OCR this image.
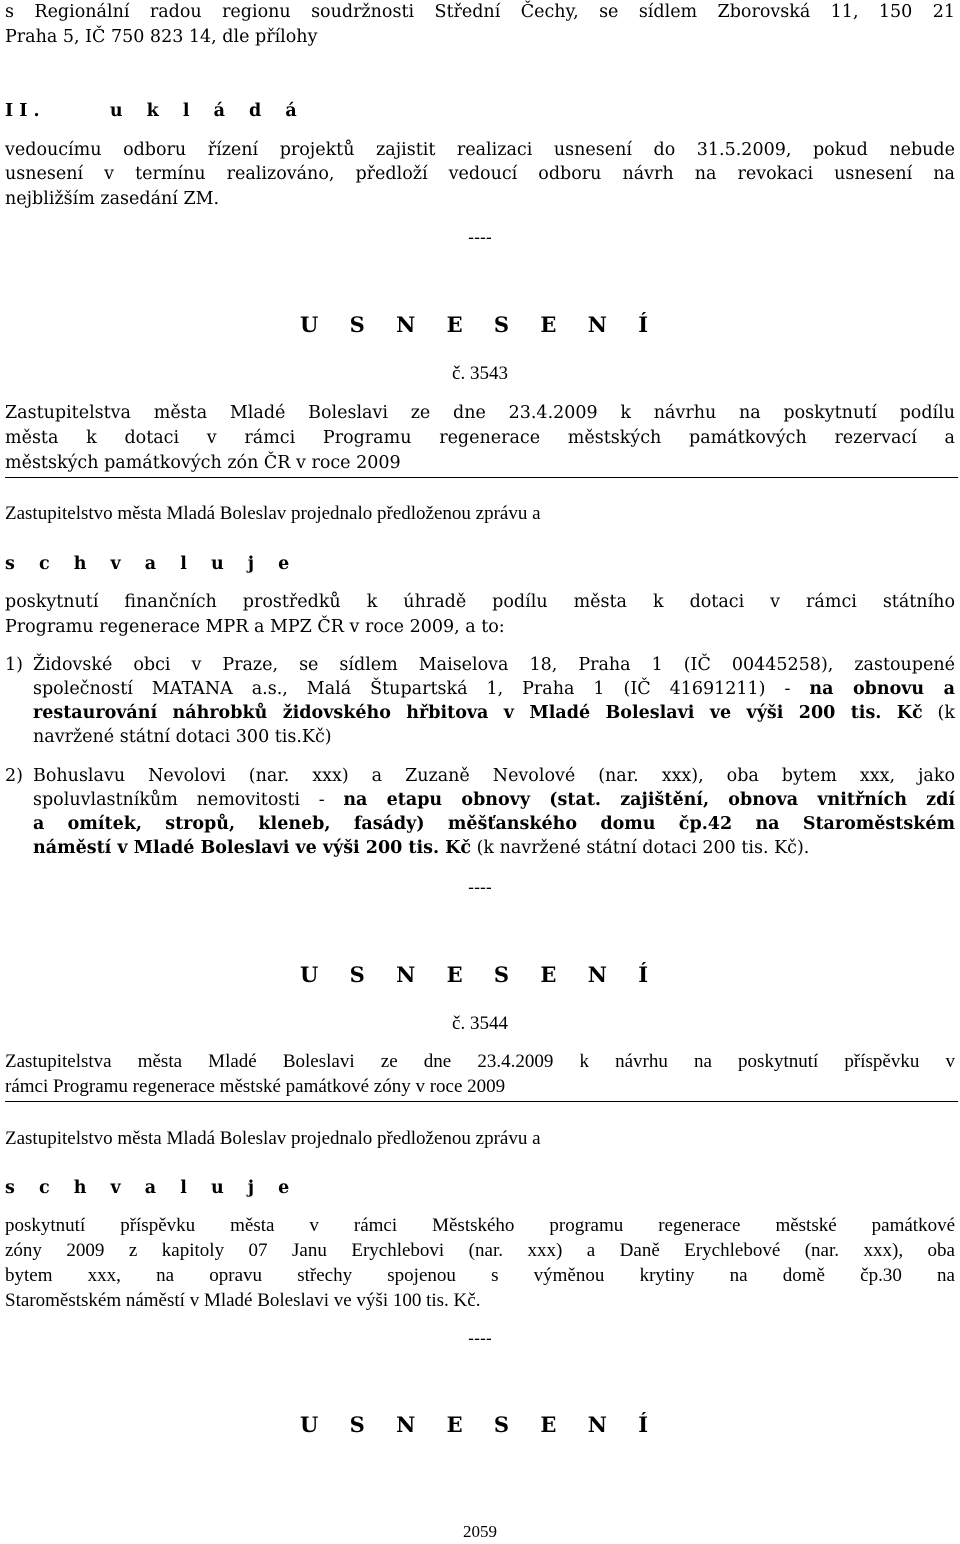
s Regionální radou regionu soudržnosti Střední Čechy, se sídlem Zborovská 11, 150 21
Praha 5, IČ 750 823 14, dle přílohy
I I .	u k l á d á
vedoucímu odboru řízení projektů zajistit realizaci usnesení do 31.5.2009, pokud nebude
usnesení v termínu realizováno, předloží vedoucí odboru návrh na revokaci usnesení na
nejbližším zasedání ZM.
----
U S N E S E N Í
č. 3543
Zastupitelstva města Mladé Boleslavi ze dne 23.4.2009 k návrhu na poskytnutí podílu
města k dotaci v rámci Programu regenerace městských památkových rezervací a
městských památkových zón ČR v roce 2009
Zastupitelstvo města Mladá Boleslav projednalo předloženou zprávu a
s c h v a l u j e
poskytnutí finančních prostředků k úhradě podílu města k dotaci v rámci státního
Programu regenerace MPR a MPZ ČR v roce 2009, a to:
1) Židovské obci v Praze, se sídlem Maiselova 18, Praha 1 (IČ 00445258), zastoupené
společností MATANA a.s., Malá Štupartská 1, Praha 1 (IČ 41691211) - na obnovu a
restaurování náhrobků židovského hřbitova v Mladé Boleslavi ve výši 200 tis. Kč (k
navržené státní dotaci 300 tis.Kč)
2) Bohuslavu Nevolovi (nar. xxx) a Zuzaně Nevolové (nar. xxx), oba bytem xxx, jako
spoluvlastníkům nemovitosti - na etapu obnovy (stat. zajištění, obnova vnitřních zdí
a omítek, stropů, kleneb, fasády) měšťanského domu čp.42 na Staroměstském
náměstí v Mladé Boleslavi ve výši 200 tis. Kč (k navržené státní dotaci 200 tis. Kč).
----
U S N E S E N Í
č. 3544
Zastupitelstva města Mladé Boleslavi ze dne 23.4.2009 k návrhu na poskytnutí příspěvku v
rámci Programu regenerace městské památkové zóny v roce 2009
Zastupitelstvo města Mladá Boleslav projednalo předloženou zprávu a
s c h v a l u j e
poskytnutí příspěvku města v rámci Městského programu regenerace městské památkové
zóny 2009 z kapitoly 07 Janu Erychlebovi (nar. xxx) a Daně Erychlebové (nar. xxx), oba
bytem xxx, na opravu střechy spojenou s výměnou krytiny na domě čp.30 na
Staroměstském náměstí v Mladé Boleslavi ve výši 100 tis. Kč.
----
U S N E S E N Í
2059
